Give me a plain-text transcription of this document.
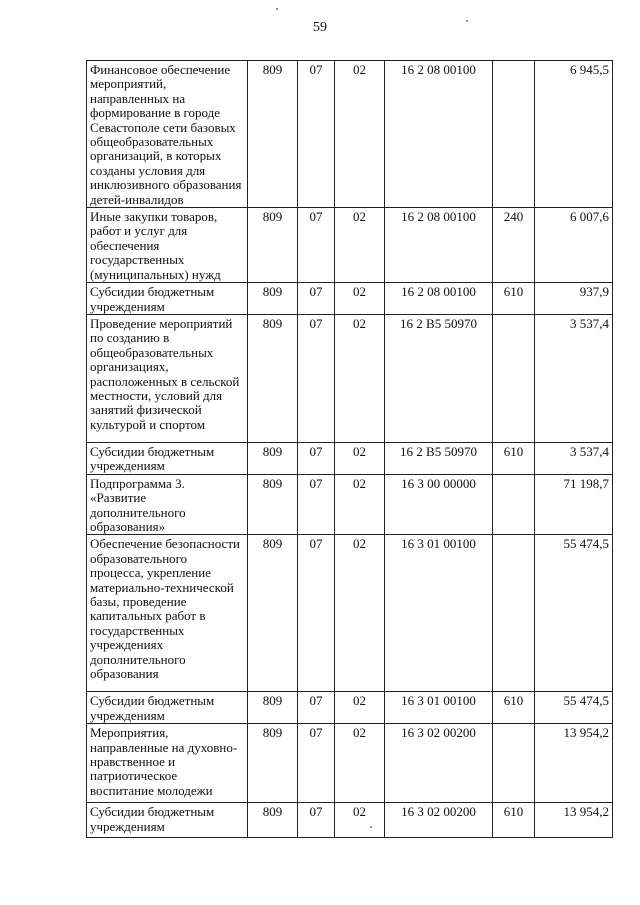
59
Финансовое обеспечение мероприятий, направленных на формирование в городе Севастополе сети базовых общеобразовательных организаций, в которых созданы условия для инклюзивного образования детей-инвалидов	809	07	02	16 2 08 00100		6 945,5
Иные закупки товаров, работ и услуг для обеспечения государственных (муниципальных) нужд	809	07	02	16 2 08 00100	240	6 007,6
Субсидии бюджетным учреждениям	809	07	02	16 2 08 00100	610	937,9
Проведение мероприятий по созданию в общеобразовательных организациях, расположенных в сельской местности, условий для занятий физической культурой и спортом	809	07	02	16 2 В5 50970		3 537,4
Субсидии бюджетным учреждениям	809	07	02	16 2 В5 50970	610	3 537,4
Подпрограмма 3. «Развитие дополнительного образования»	809	07	02	16 3 00 00000		71 198,7
Обеспечение безопасности образовательного процесса, укрепление материально-технической базы, проведение капитальных работ в государственных учреждениях дополнительного образования	809	07	02	16 3 01 00100		55 474,5
Субсидии бюджетным учреждениям	809	07	02	16 3 01 00100	610	55 474,5
Мероприятия, направленные на духовно-нравственное и патриотическое воспитание молодежи	809	07	02	16 3 02 00200		13 954,2
Субсидии бюджетным учреждениям	809	07	02	16 3 02 00200	610	13 954,2
